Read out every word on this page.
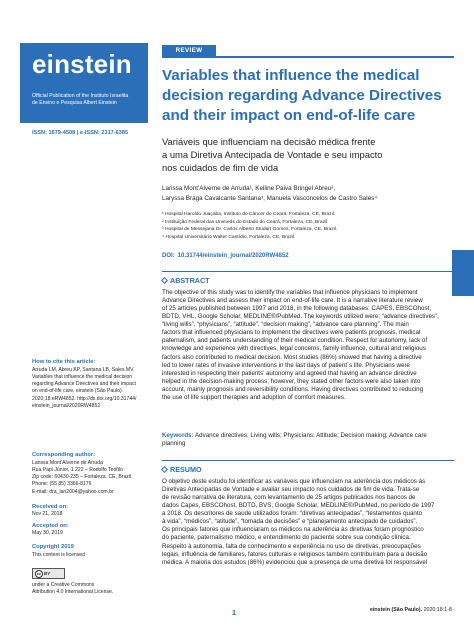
einstein
Official Publication of the Instituto Israelita
de Ensino e Pesquisa Albert Einstein
ISSN: 1679-4508 | e-ISSN: 2317-6385
How to cite this article:
Arruda LM, Abreu KP, Santana LB, Sales MV.
Variables that influence the medical decision
regarding Advance Directives and their impact
on end-of-life care. einstein (São Paulo).
2020;18:eRW4852. http://dx.doi.org/10.31744/
einstein_journal/2020RW4852
Corresponding author:
Larissa Mont'Alverne de Arruda
Rua Papi Júnior, 1 222 – Rodolfo Teófilo
Zip code: 60430-235 – Fortaleza, CE, Brazil
Phone: (55 85) 3366-8176
E-mail: dra_lari2004@yahoo.com.br
Received on:
Nov 21, 2018
Accepted on:
May 30, 2019
Copyright 2019
This content is licensed
cc BY
under a Creative Commons
Attribution 4.0 International License.
REVIEW
Variables that influence the medical
decision regarding Advance Directives
and their impact on end-of-life care
Variáveis que influenciam na decisão médica frente
a uma Diretiva Antecipada de Vontade e seu impacto
nos cuidados de fim de vida
Larissa Mont'Alverne de Arruda¹, Kelline Paiva Bringel Abreu²,
Laryssa Braga Cavalcante Santana³, Manuela Vasconcelos de Castro Sales⁴
¹ Hospital Haroldo Juaçaba, Instituto do Câncer do Ceará, Fortaleza, CE, Brazil.
² Instituição Federal das Unimeds do Estado do Ceará, Fortaleza, CE, Brazil.
³ Hospital de Messejana Dr. Carlos Alberto Studart Gomes, Fortaleza, CE, Brazil.
⁴ Hospital Universitário Walter Cantídio, Fortaleza, CE, Brazil.
DOI: 10.31744/einstein_journal/2020RW4852
ABSTRACT
The objective of this study was to identify the variables that influence physicians to implement
Advance Directives and assess their impact on end-of-life care. It is a narrative literature review
of 25 articles published between 1997 and 2018, in the following databases: CAPES, EBSCOhost,
BDTD, VHL, Google Scholar, MEDLINE®/PubMed. The keywords utilized were: “advance directives”,
“living wills”, “physicians”, “attitude”, “decision making”, “advance care planning”. The main
factors that influenced physicians to implement the directives were patients prognosis, medical
paternalism, and patients understanding of their medical condition. Respect for autonomy, lack of
knowledge and experience with directives, legal concerns, family influence, cultural and religious
factors also contributed to medical decision. Most studies (86%) showed that having a directive
led to lower rates of invasive interventions in the last days of patient´s life. Physicians were
interested in respecting their patients’ autonomy and agreed that having an advance directive
helped in the decision-making process; however, they stated other factors were also taken into
account, mainly prognosis and reversibility conditions. Having directives contributed to reducing
the use of life support therapies and adoption of comfort measures.
Keywords: Advance directives; Living wills; Physicians; Attitude; Decision making; Advance care
planning
RESUMO
O objetivo deste estudo foi identificar as variáveis que influenciam na aderência dos médicos às
Diretivas Antecipadas de Vontade e avaliar seu impacto nos cuidados de fim de vida. Trata-se
de revisão narrativa de literatura, com levantamento de 25 artigos publicados nos bancos de
dados Capes, EBSCOhost, BDTD, BVS, Google Scholar, MEDLINE®/PubMed, no período de 1997
a 2018. Os descritores de saúde utilizados foram: “diretivas antecipadas”, “testamentos quanto
à vida”, “médicos”, “atitude”, “tomada de decisões” e “planejamento antecipado de cuidados”.
Os principais fatores que influenciaram os médicos na aderência às diretivas foram prognóstico
do paciente, paternalismo médico, e entendimento do paciente sobre sua condição clínica.
Respeito à autonomia, falta de conhecimento e experiência no uso de diretivas, preocupações
legais, influência de familiares, fatores culturais e religiosos também contribuíram para a decisão
médica. A maioria dos estudos (86%) evidenciou que a presença de uma diretiva foi responsável
1	einstein (São Paulo). 2020;18:1-8
